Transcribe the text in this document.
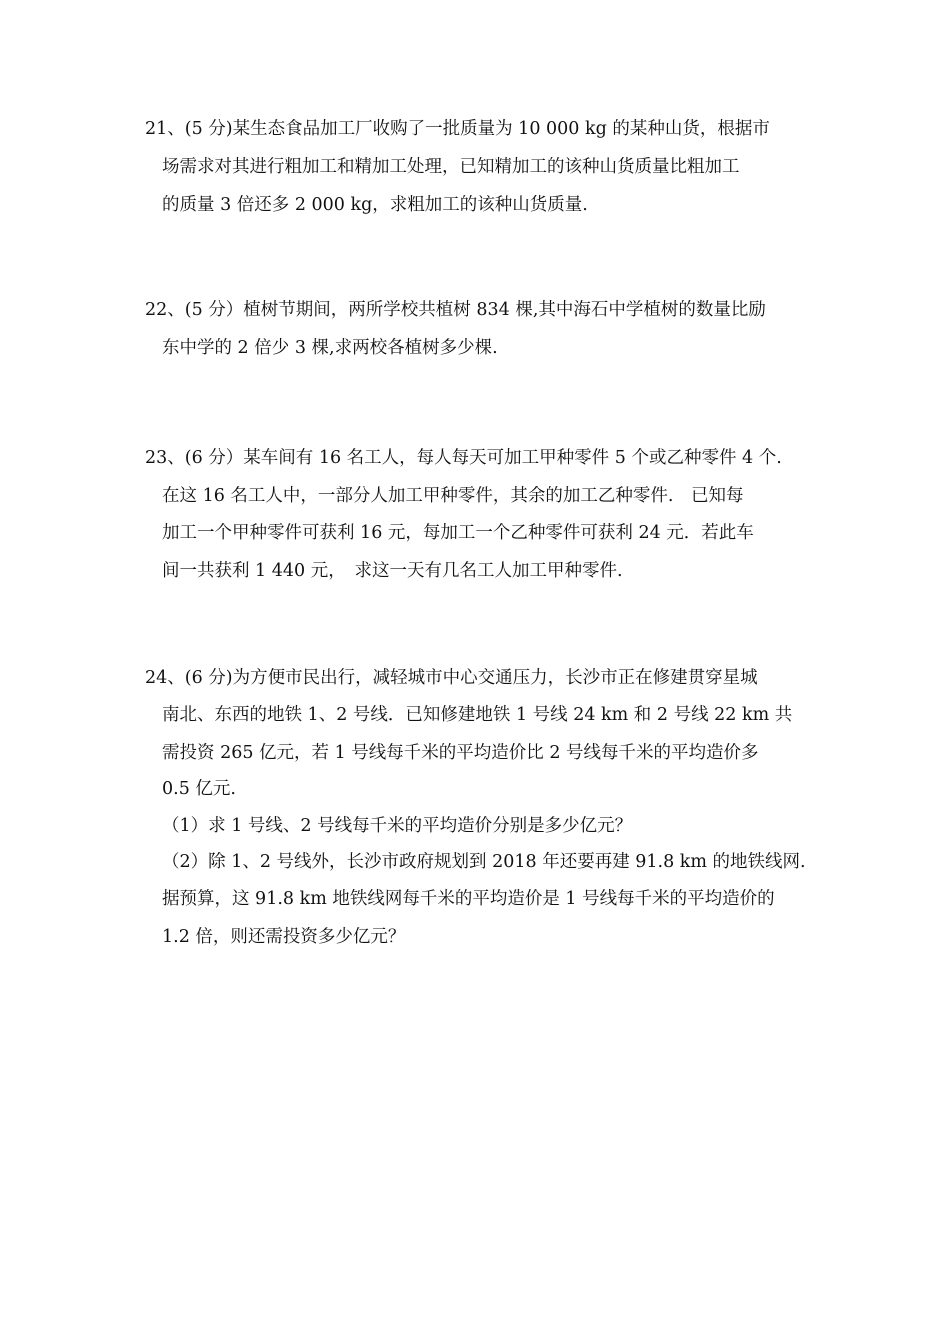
21、(5 分)某生态食品加工厂收购了一批质量为 10 000 kg 的某种山货，根据市
场需求对其进行粗加工和精加工处理，已知精加工的该种山货质量比粗加工
的质量 3 倍还多 2 000 kg，求粗加工的该种山货质量.
22、(5 分）植树节期间，两所学校共植树 834 棵,其中海石中学植树的数量比励
东中学的 2 倍少 3 棵,求两校各植树多少棵.
23、(6 分）某车间有 16 名工人，每人每天可加工甲种零件 5 个或乙种零件 4 个.
在这 16 名工人中，一部分人加工甲种零件，其余的加工乙种零件.　已知每
加工一个甲种零件可获利 16 元，每加工一个乙种零件可获利 24 元．若此车
间一共获利 1 440 元，　求这一天有几名工人加工甲种零件.
24、(6 分)为方便市民出行，减轻城市中心交通压力，长沙市正在修建贯穿星城
南北、东西的地铁 1、2 号线．已知修建地铁 1 号线 24 km 和 2 号线 22 km 共
需投资 265 亿元，若 1 号线每千米的平均造价比 2 号线每千米的平均造价多
0.5 亿元.
（1）求 1 号线、2 号线每千米的平均造价分别是多少亿元？
（2）除 1、2 号线外，长沙市政府规划到 2018 年还要再建 91.8 km 的地铁线网.
据预算，这 91.8 km 地铁线网每千米的平均造价是 1 号线每千米的平均造价的
1.2 倍，则还需投资多少亿元？
